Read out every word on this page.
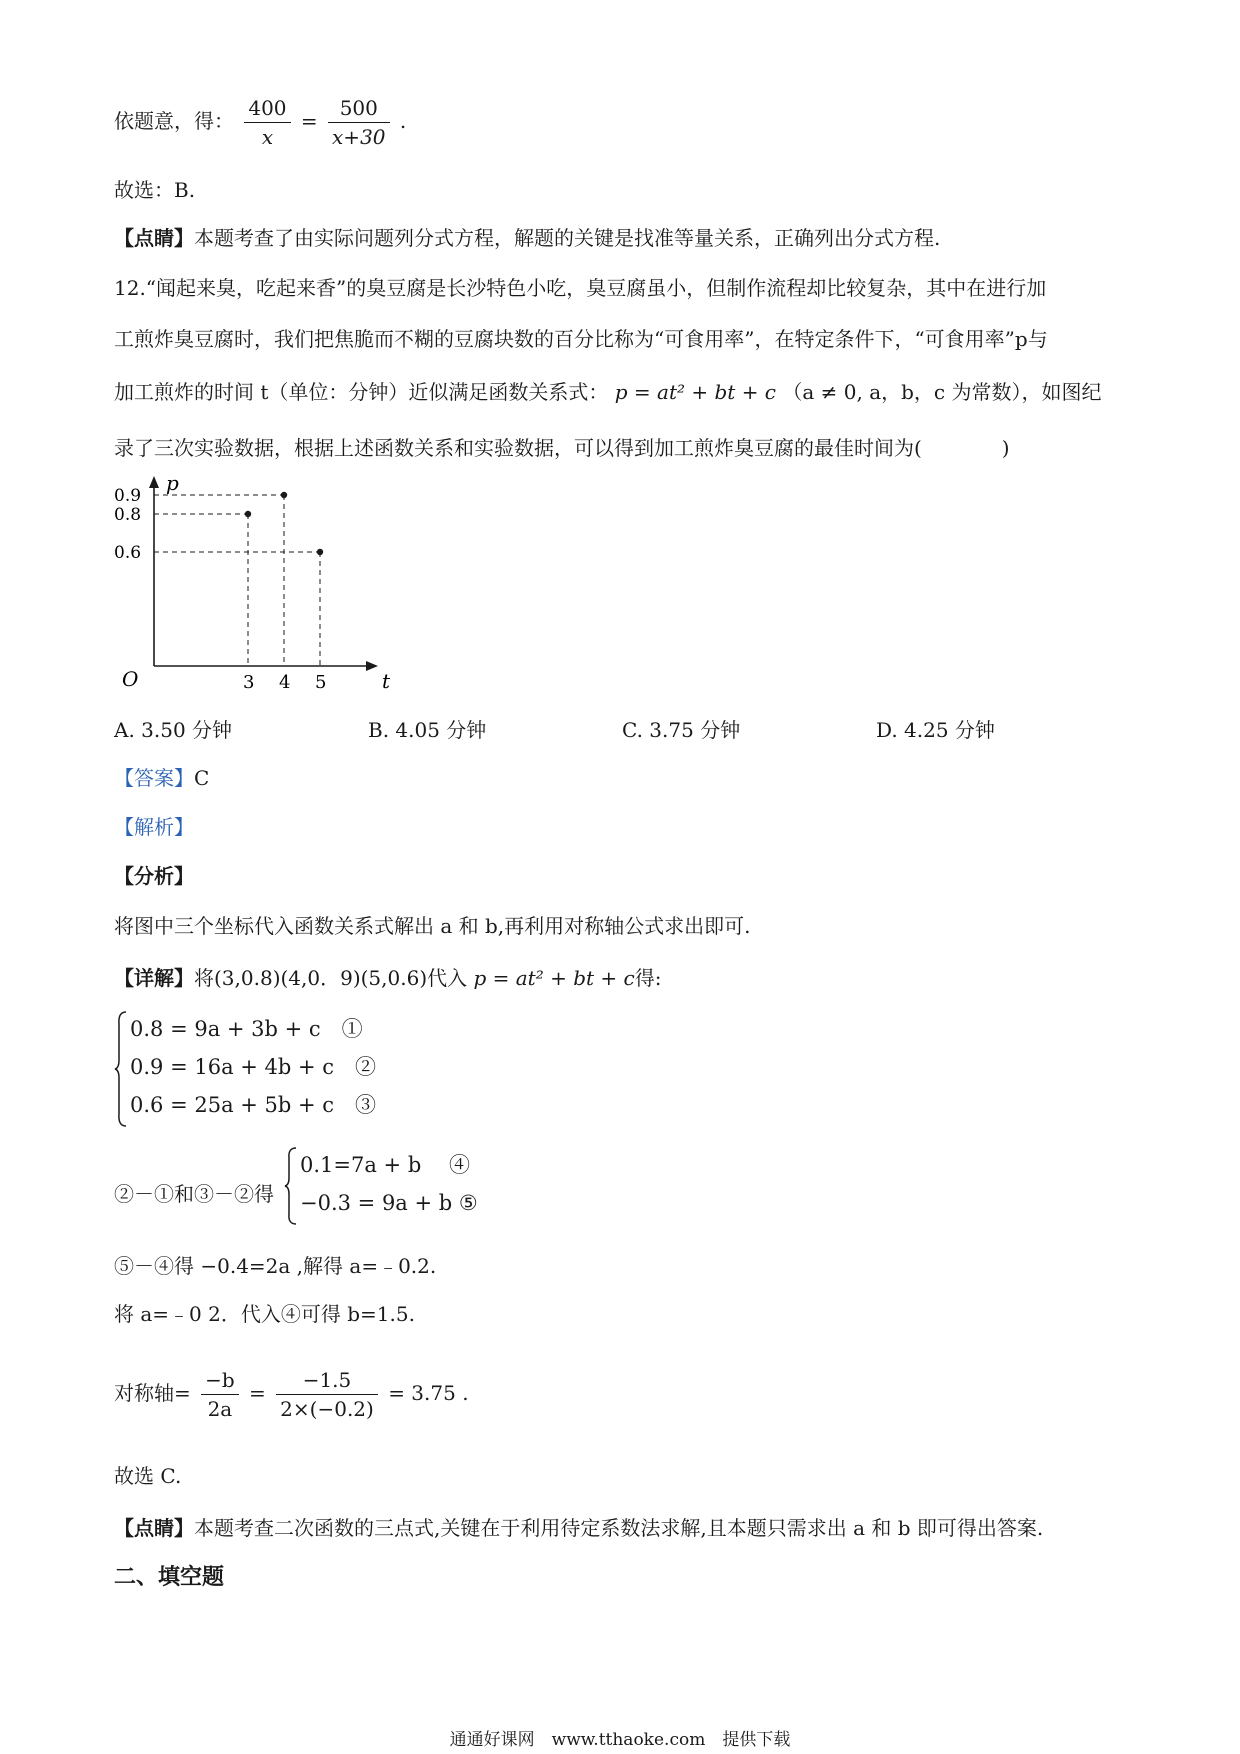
依题意，得： $\frac{400}{x} = \frac{500}{x+30}$ .
故选：B.
【点睛】本题考查了由实际问题列分式方程，解题的关键是找准等量关系，正确列出分式方程.
12.“闻起来臭，吃起来香”的臭豆腐是长沙特色小吃，臭豆腐虽小，但制作流程却比较复杂，其中在进行加
工煎炸臭豆腐时，我们把焦脆而不糊的豆腐块数的百分比称为“可食用率”，在特定条件下，“可食用率”p与
加工煎炸的时间 t（单位：分钟）近似满足函数关系式： p = at² + bt + c （a ≠ 0, a，b，c 为常数），如图纪
录了三次实验数据，根据上述函数关系和实验数据，可以得到加工煎炸臭豆腐的最佳时间为(　　　　)
p
t
O	3 4 5
0.9
0.8
0.6
A. 3.50 分钟	B. 4.05 分钟	C. 3.75 分钟	D. 4.25 分钟
【答案】C
【解析】
【分析】
将图中三个坐标代入函数关系式解出 a 和 b,再利用对称轴公式求出即可.
【详解】将(3,0.8)(4,0．9)(5,0.6)代入 p = at² + bt + c得:
0.8 = 9a + 3b + c　①
0.9 = 16a + 4b + c　②
0.6 = 25a + 5b + c　③
②－①和③－②得
0.1=7a + b　 ④
−0.3 = 9a + b ⑤
⑤－④得 −0.4=2a ,解得 a=﹣0.2.
将 a=﹣0 2．代入④可得 b=1.5.
对称轴= $\frac{-b}{2a} = \frac{-1.5}{2\times(-0.2)} = 3.75$ .
故选 C.
【点睛】本题考查二次函数的三点式,关键在于利用待定系数法求解,且本题只需求出 a 和 b 即可得出答案.
二、填空题
通通好课网　www.tthaoke.com　提供下载
